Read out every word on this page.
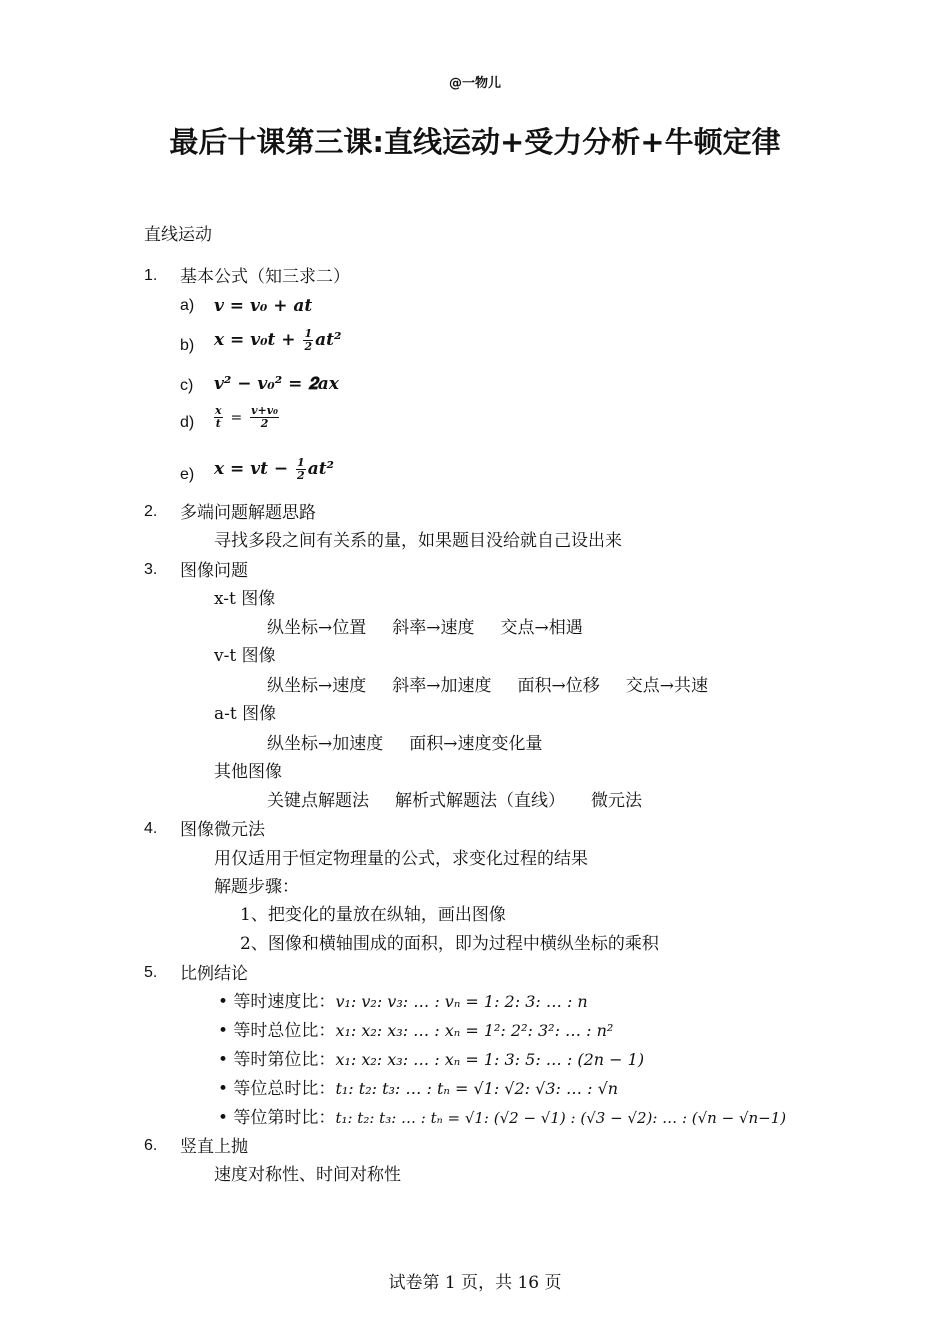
@一物儿
最后十课第三课:直线运动+受力分析+牛顿定律
直线运动
1. 基本公式（知三求二）
a) 𝒗 = 𝒗₀ + 𝒂𝒕
b) 𝒙 = 𝒗₀𝒕 + $\frac{1}{2}$ 𝒂𝒕²
c) 𝒗² − 𝒗₀² = 𝟐𝒂𝒙
$d) \frac{x}{t} = \frac{\text{v+v₀}}{2}$
e) 𝒙 = 𝒗𝒕 − $\frac{1}{2}$ 𝒂𝒕²
2. 多端问题解题思路
寻找多段之间有关系的量，如果题目没给就自己设出来
3. 图像问题
x-t 图像
纵坐标→位置 斜率→速度 交点→相遇
v-t 图像
纵坐标→速度 斜率→加速度 面积→位移 交点→共速
a-t 图像
纵坐标→加速度 面积→速度变化量
其他图像
关键点解题法 解析式解题法（直线） 微元法
4. 图像微元法
用仅适用于恒定物理量的公式，求变化过程的结果
解题步骤：
1、把变化的量放在纵轴，画出图像
2、图像和横轴围成的面积，即为过程中横纵坐标的乘积
5. 比例结论
• 等时速度比：v₁: v₂: v₃: … : vₙ = 1: 2: 3: … : n
• 等时总位比：x₁: x₂: x₃: … : xₙ = 1²: 2²: 3²: … : n²
• 等时第位比：x₁: x₂: x₃: … : xₙ = 1: 3: 5: … : (2n − 1)
• 等位总时比：t₁: t₂: t₃: … : tₙ = √1: √2: √3: … : √n
• 等位第时比：t₁: t₂: t₃: … : tₙ = √1: (√2 − √1) : (√3 − √2): … : (√n − √n−1)
6. 竖直上抛
速度对称性、时间对称性
试卷第 1 页，共 16 页
